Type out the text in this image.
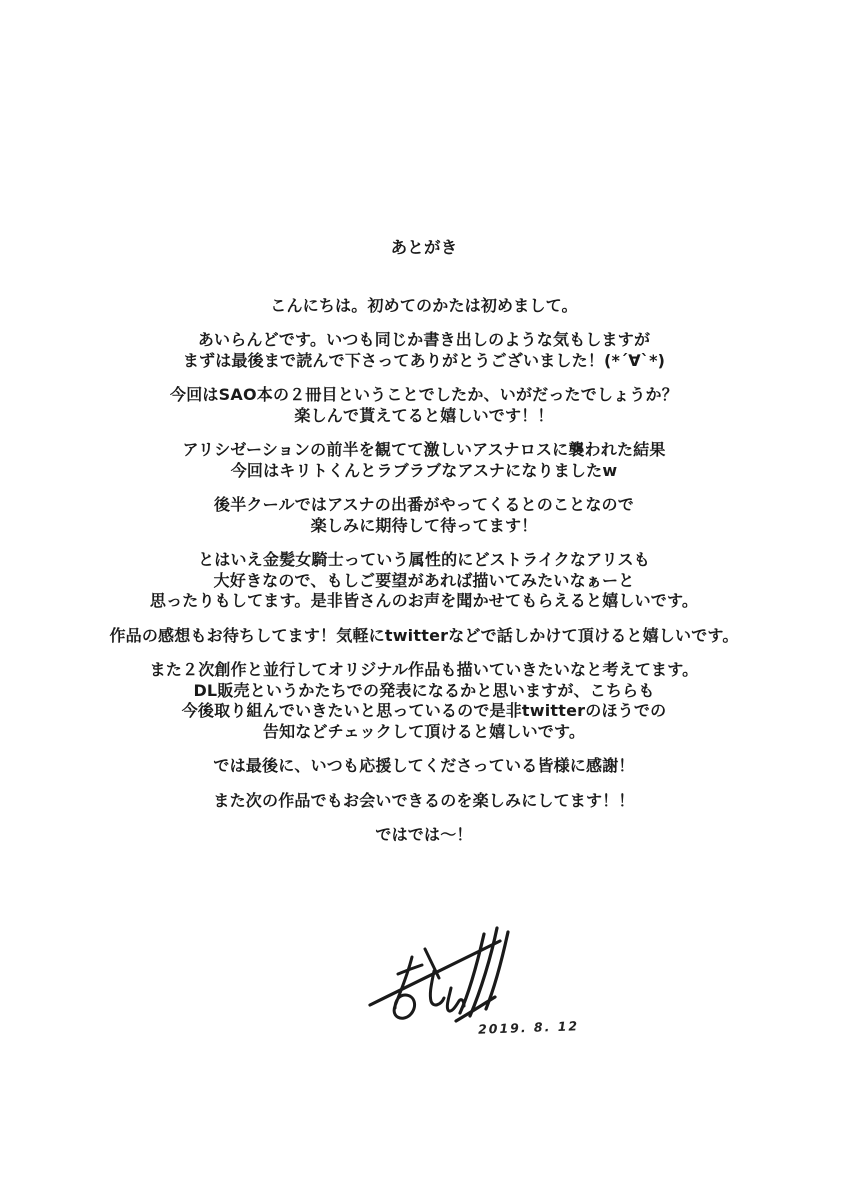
あとがき
こんにちは。初めてのかたは初めまして。
あいらんどです。いつも同じか書き出しのような気もしますが
まずは最後まで読んで下さってありがとうございました！(*´∀`*)
今回はSAO本の２冊目ということでしたか、いがだったでしょうか？
楽しんで貰えてると嬉しいです！！
アリシゼーションの前半を観てて激しいアスナロスに襲われた結果
今回はキリトくんとラブラブなアスナになりましたw
後半クールではアスナの出番がやってくるとのことなので
楽しみに期待して待ってます！
とはいえ金髪女騎士っていう属性的にどストライクなアリスも
大好きなので、もしご要望があれば描いてみたいなぁーと
思ったりもしてます。是非皆さんのお声を聞かせてもらえると嬉しいです。
作品の感想もお待ちしてます！気軽にtwitterなどで話しかけて頂けると嬉しいです。
また２次創作と並行してオリジナル作品も描いていきたいなと考えてます。
DL販売というかたちでの発表になるかと思いますが、こちらも
今後取り組んでいきたいと思っているので是非twitterのほうでの
告知などチェックして頂けると嬉しいです。
では最後に、いつも応援してくださっている皆様に感謝！
また次の作品でもお会いできるのを楽しみにしてます！！
ではでは～！
2019. 8. 12
